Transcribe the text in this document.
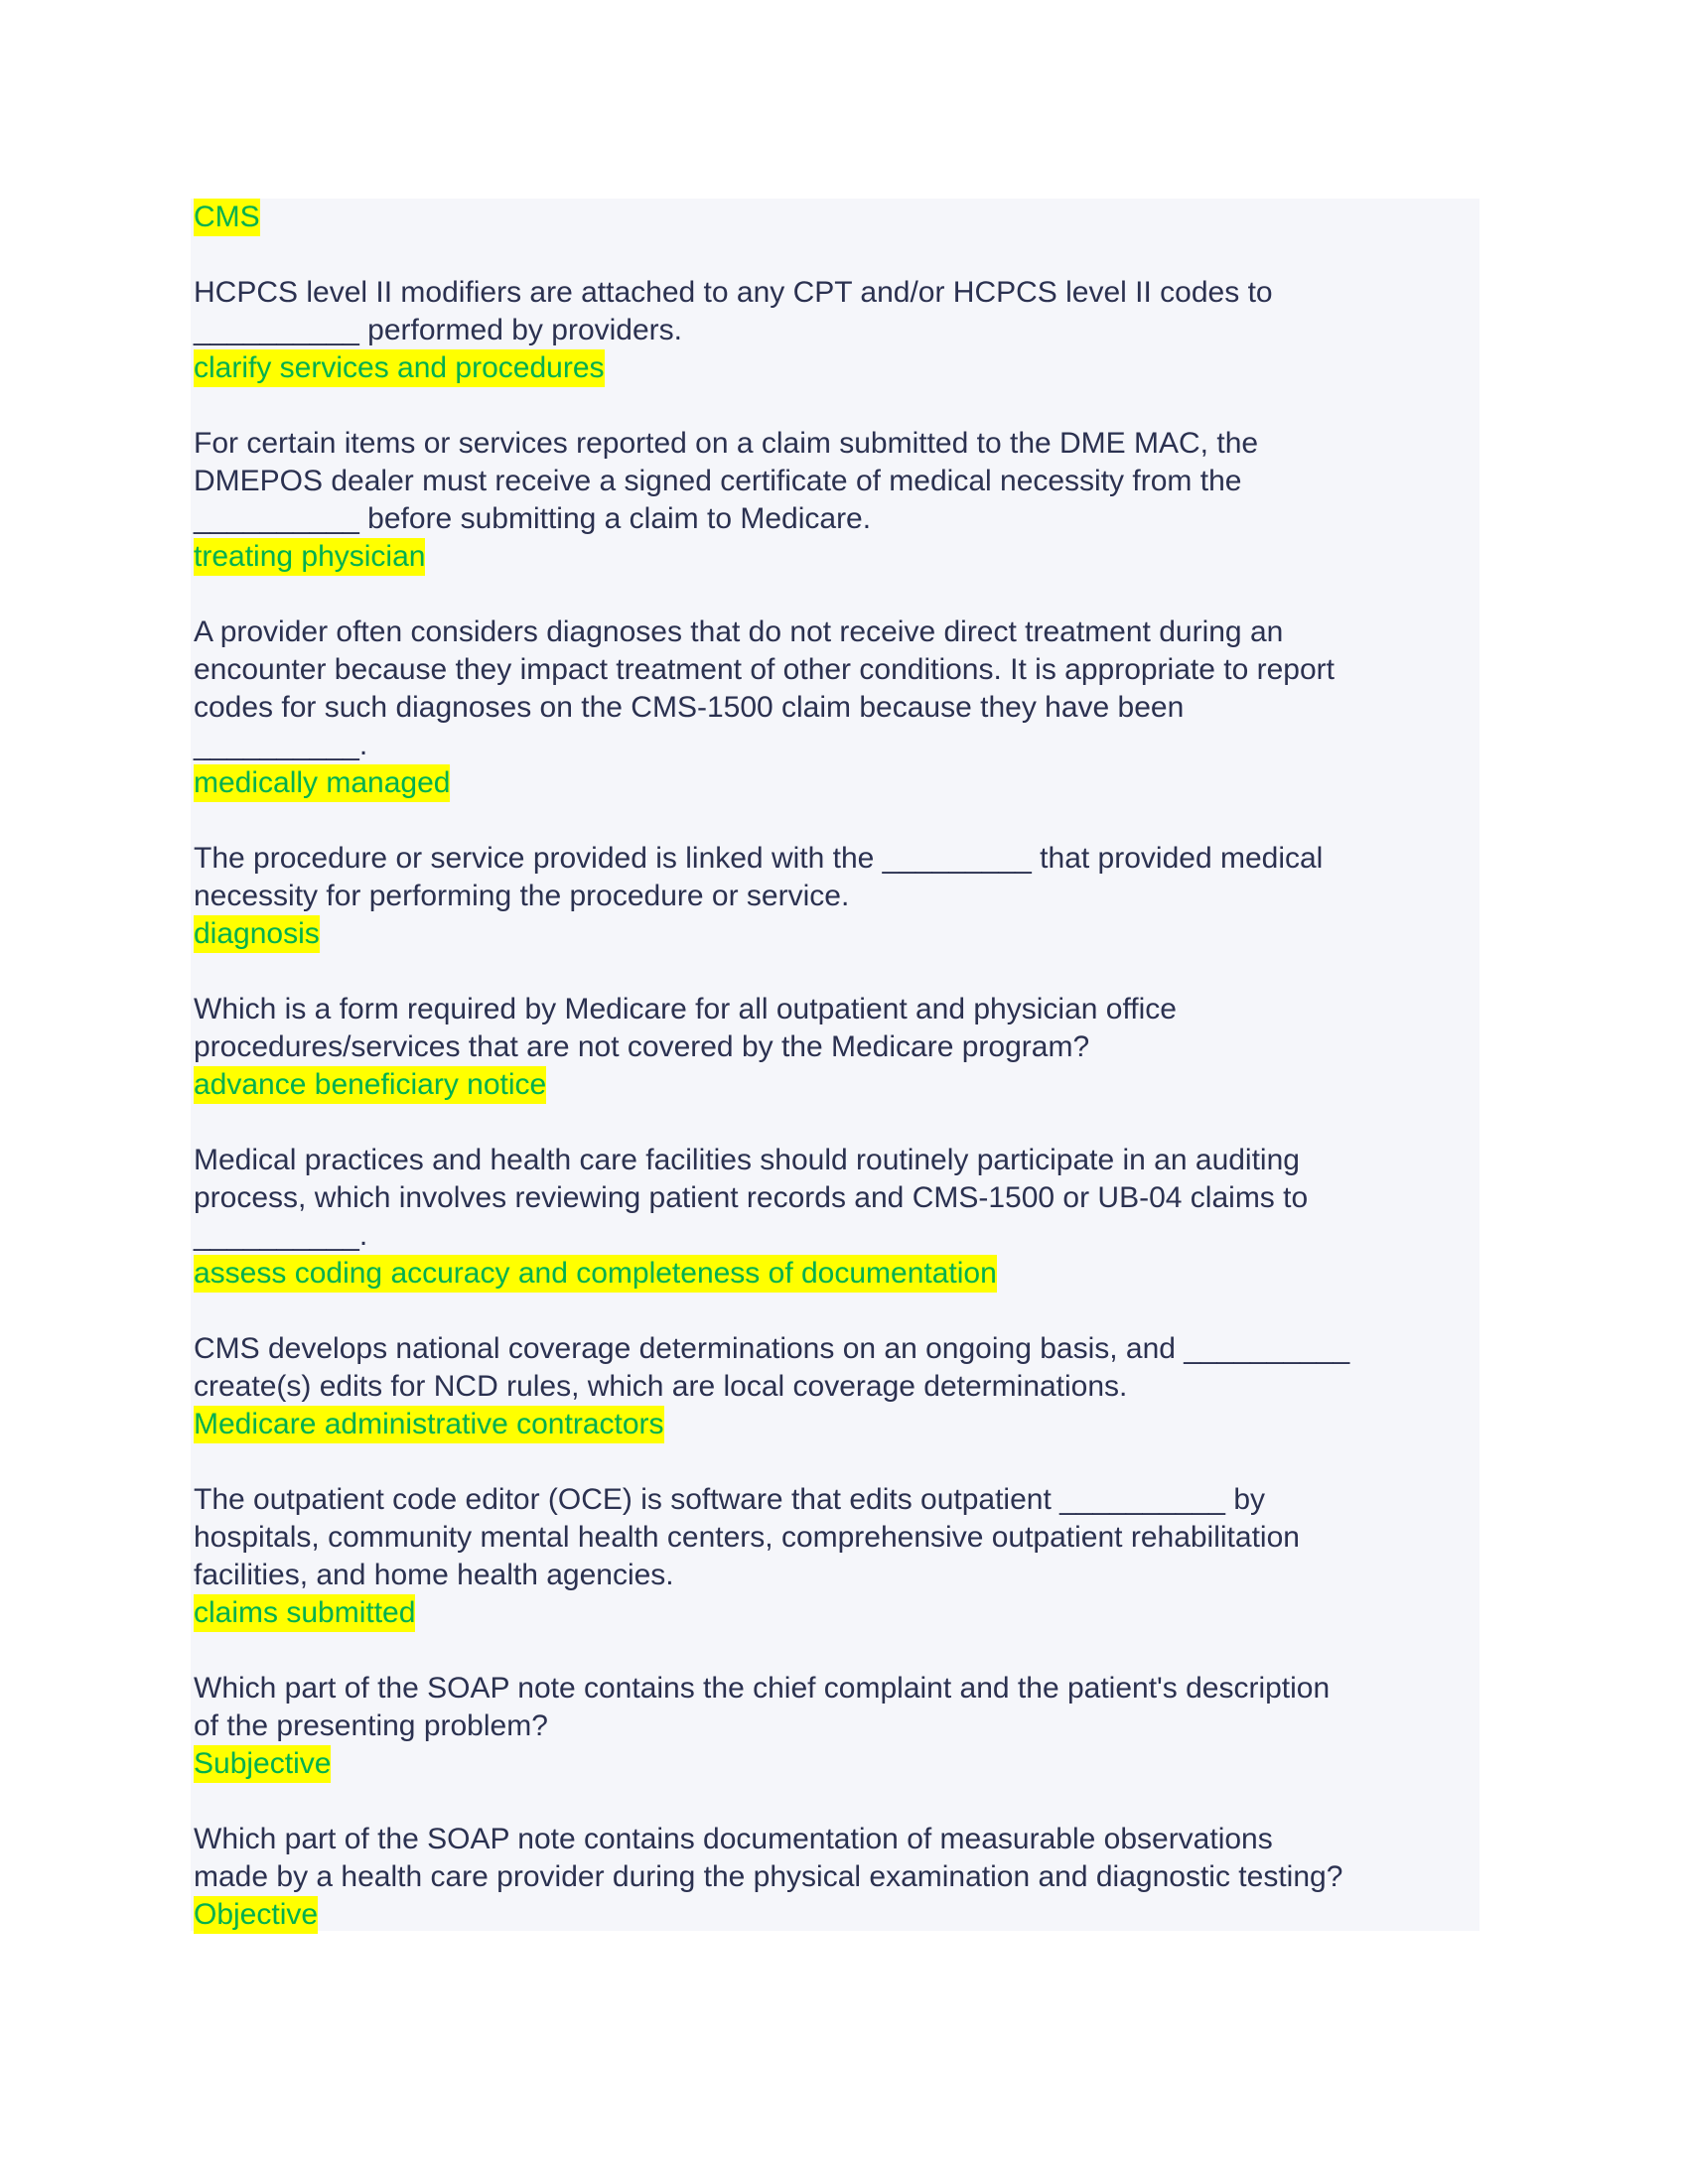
CMS
HCPCS level II modifiers are attached to any CPT and/or HCPCS level II codes to
__________ performed by providers.
clarify services and procedures
For certain items or services reported on a claim submitted to the DME MAC, the
DMEPOS dealer must receive a signed certificate of medical necessity from the
__________ before submitting a claim to Medicare.
treating physician
A provider often considers diagnoses that do not receive direct treatment during an
encounter because they impact treatment of other conditions. It is appropriate to report
codes for such diagnoses on the CMS-1500 claim because they have been
__________.
medically managed
The procedure or service provided is linked with the _________ that provided medical
necessity for performing the procedure or service.
diagnosis
Which is a form required by Medicare for all outpatient and physician office
procedures/services that are not covered by the Medicare program?
advance beneficiary notice
Medical practices and health care facilities should routinely participate in an auditing
process, which involves reviewing patient records and CMS-1500 or UB-04 claims to
__________.
assess coding accuracy and completeness of documentation
CMS develops national coverage determinations on an ongoing basis, and __________
create(s) edits for NCD rules, which are local coverage determinations.
Medicare administrative contractors
The outpatient code editor (OCE) is software that edits outpatient __________ by
hospitals, community mental health centers, comprehensive outpatient rehabilitation
facilities, and home health agencies.
claims submitted
Which part of the SOAP note contains the chief complaint and the patient's description
of the presenting problem?
Subjective
Which part of the SOAP note contains documentation of measurable observations
made by a health care provider during the physical examination and diagnostic testing?
Objective
